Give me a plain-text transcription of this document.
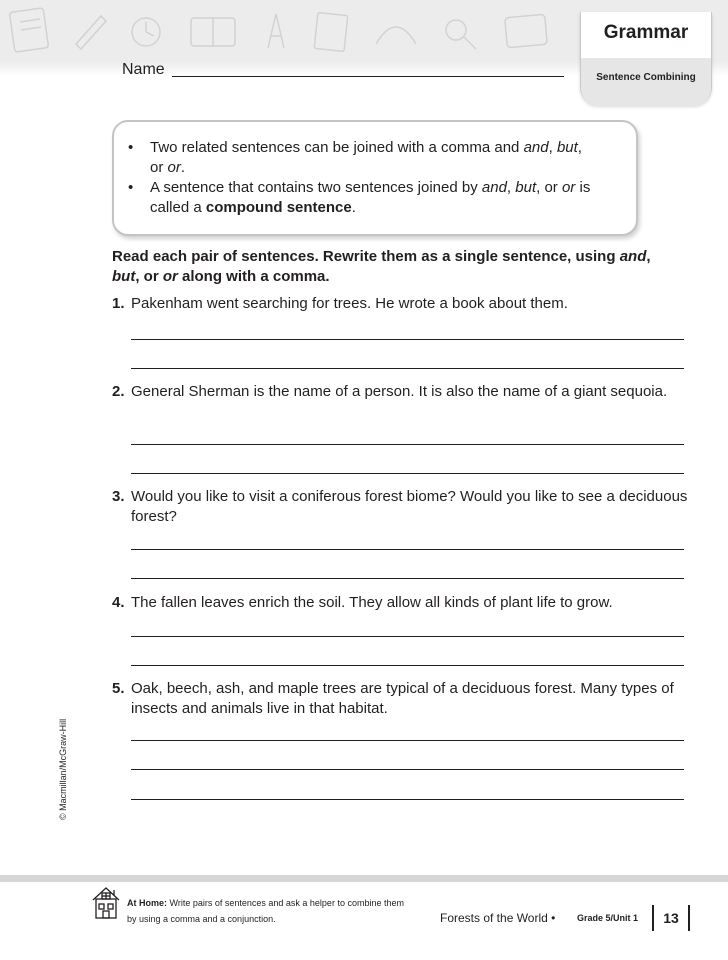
Grammar
Sentence Combining
Name
• Two related sentences can be joined with a comma and and, but, or or.
• A sentence that contains two sentences joined by and, but, or or is called a compound sentence.
Read each pair of sentences. Rewrite them as a single sentence, using and, but, or or along with a comma.
1. Pakenham went searching for trees. He wrote a book about them.
2. General Sherman is the name of a person. It is also the name of a giant sequoia.
3. Would you like to visit a coniferous forest biome? Would you like to see a deciduous forest?
4. The fallen leaves enrich the soil. They allow all kinds of plant life to grow.
5. Oak, beech, ash, and maple trees are typical of a deciduous forest. Many types of insects and animals live in that habitat.
© Macmillan/McGraw-Hill
At Home: Write pairs of sentences and ask a helper to combine them by using a comma and a conjunction.	Forests of the World • Grade 5/Unit 1	13
